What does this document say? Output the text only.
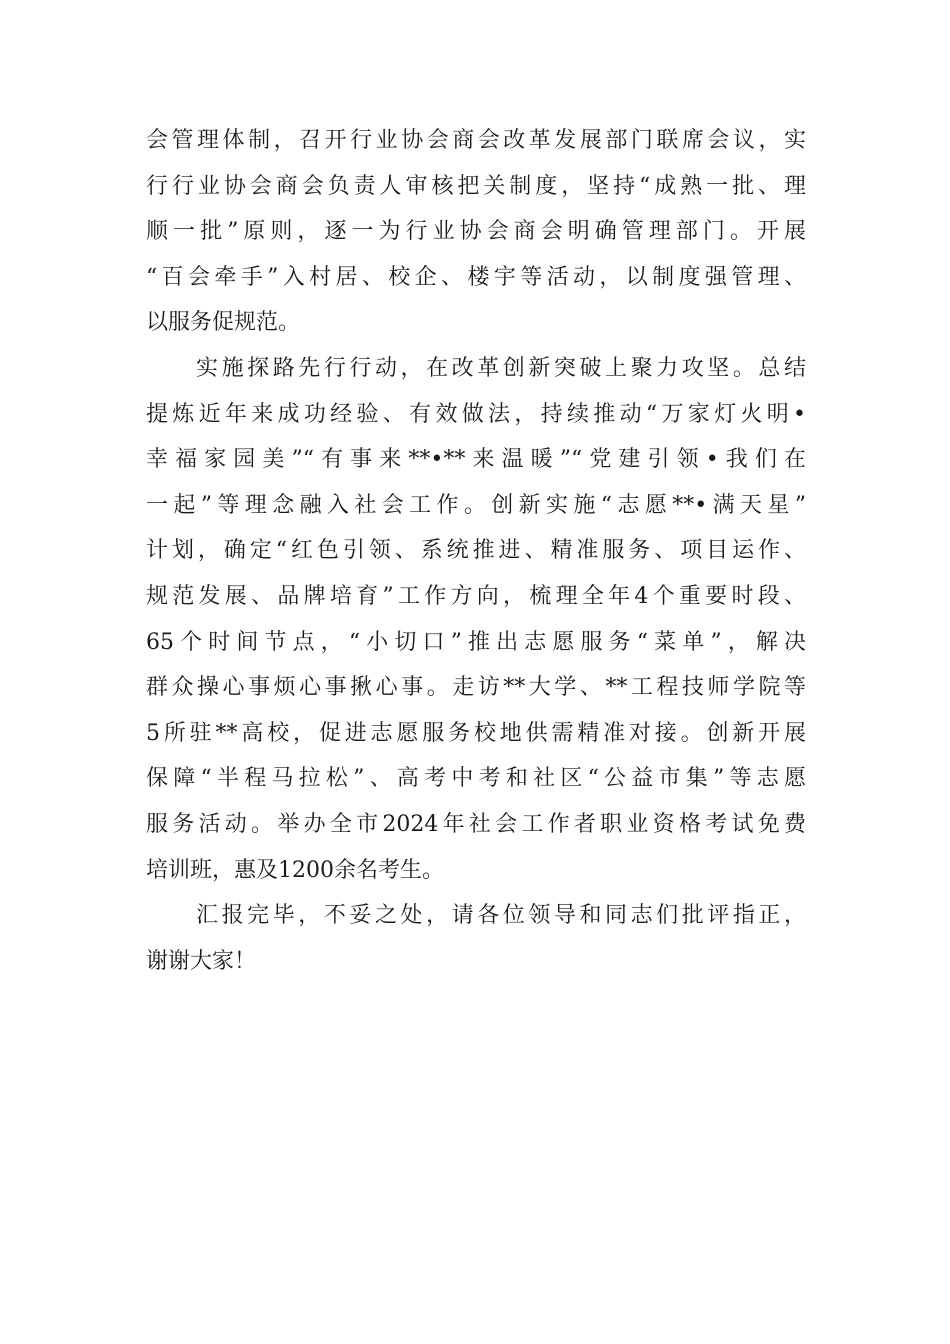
会管理体制，召开行业协会商会改革发展部门联席会议，实
行行业协会商会负责人审核把关制度，坚持“成熟一批、理
顺一批”原则，逐一为行业协会商会明确管理部门。开展
“百会牵手”入村居、校企、楼宇等活动，以制度强管理、
以服务促规范。
实施探路先行行动，在改革创新突破上聚力攻坚。总结
提炼近年来成功经验、有效做法，持续推动“万家灯火明•
幸福家园美”“有事来**•**来温暖”“党建引领•我们在
一起”等理念融入社会工作。创新实施“志愿**•满天星”
计划，确定“红色引领、系统推进、精准服务、项目运作、
规范发展、品牌培育”工作方向，梳理全年4个重要时段、
65个时间节点，“小切口”推出志愿服务“菜单”，解决
群众操心事烦心事揪心事。走访**大学、**工程技师学院等
5所驻**高校，促进志愿服务校地供需精准对接。创新开展
保障“半程马拉松”、高考中考和社区“公益市集”等志愿
服务活动。举办全市2024年社会工作者职业资格考试免费
培训班，惠及1200余名考生。
汇报完毕，不妥之处，请各位领导和同志们批评指正，
谢谢大家！
